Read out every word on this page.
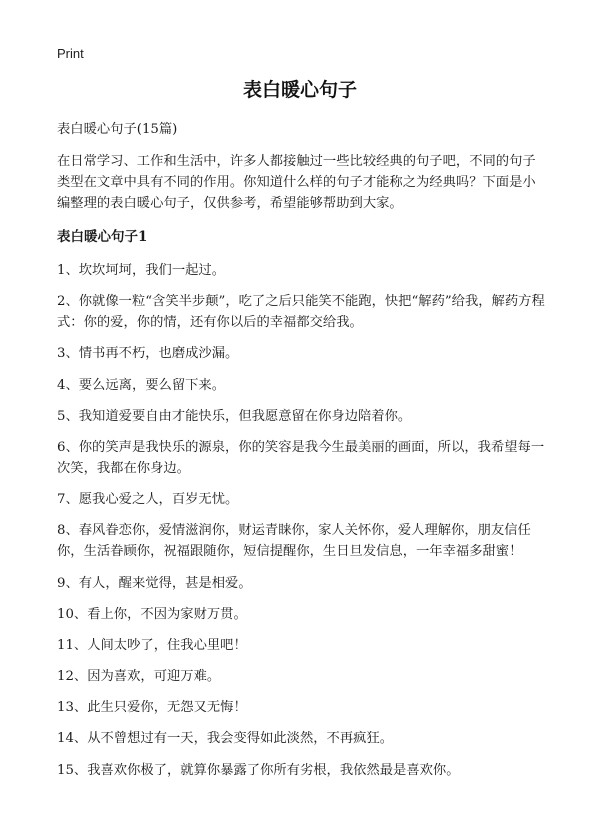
Print
表白暖心句子

表白暖心句子(15篇)

在日常学习、工作和生活中，许多人都接触过一些比较经典的句子吧，不同的句子类型在文章中具有不同的作用。你知道什么样的句子才能称之为经典吗？下面是小编整理的表白暖心句子，仅供参考，希望能够帮助到大家。

表白暖心句子1

1、坎坎坷坷，我们一起过。

2、你就像一粒“含笑半步颠”，吃了之后只能笑不能跑，快把“解药”给我，解药方程式：你的爱，你的情，还有你以后的幸福都交给我。

3、情书再不朽，也磨成沙漏。

4、要么远离，要么留下来。

5、我知道爱要自由才能快乐，但我愿意留在你身边陪着你。

6、你的笑声是我快乐的源泉，你的笑容是我今生最美丽的画面，所以，我希望每一次笑，我都在你身边。

7、愿我心爱之人，百岁无忧。

8、春风眷恋你，爱情滋润你，财运青睐你，家人关怀你，爱人理解你，朋友信任你，生活眷顾你，祝福跟随你，短信提醒你，生日旦发信息，一年幸福多甜蜜！

9、有人，醒来觉得，甚是相爱。

10、看上你，不因为家财万贯。

11、人间太吵了，住我心里吧！

12、因为喜欢，可迎万难。

13、此生只爱你，无怨又无悔！

14、从不曾想过有一天，我会变得如此淡然，不再疯狂。

15、我喜欢你极了，就算你暴露了你所有劣根，我依然最是喜欢你。
